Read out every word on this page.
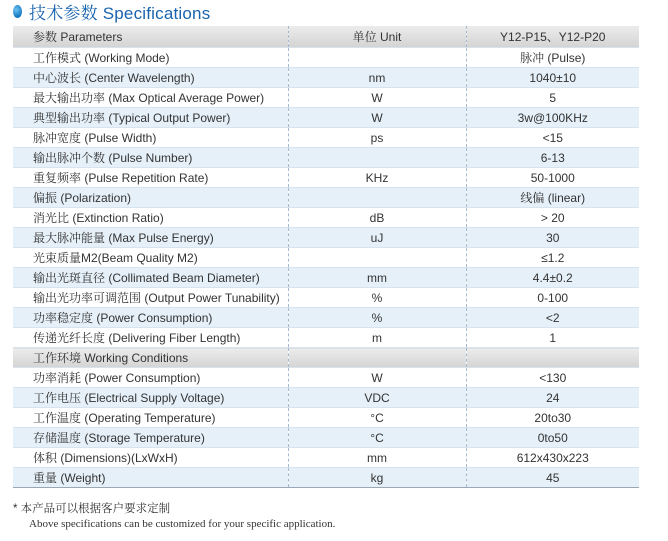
技术参数 Specifications
参数 Parameters	单位 Unit	Y12-P15、Y12-P20
工作模式 (Working Mode)		脉冲 (Pulse)
中心波长 (Center Wavelength)	nm	1040±10
最大输出功率 (Max Optical Average Power)	W	5
典型输出功率 (Typical Output Power)	W	3w@100KHz
脉冲宽度 (Pulse Width)	ps	<15
输出脉冲个数 (Pulse Number)		6-13
重复频率 (Pulse Repetition Rate)	KHz	50-1000
偏振 (Polarization)		线偏 (linear)
消光比 (Extinction Ratio)	dB	> 20
最大脉冲能量 (Max Pulse Energy)	uJ	30
光束质量M2(Beam Quality M2)		≤1.2
输出光斑直径 (Collimated Beam Diameter)	mm	4.4±0.2
输出光功率可调范围 (Output Power Tunability)	%	0-100
功率稳定度 (Power Consumption)	%	<2
传递光纤长度 (Delivering Fiber Length)	m	1
工作环境 Working Conditions		
功率消耗 (Power Consumption)	W	<130
工作电压 (Electrical Supply Voltage)	VDC	24
工作温度 (Operating Temperature)	°C	20to30
存储温度 (Storage Temperature)	°C	0to50
体积 (Dimensions)(LxWxH)	mm	612x430x223
重量 (Weight)	kg	45
* 本产品可以根据客户要求定制
Above specifications can be customized for your specific application.
